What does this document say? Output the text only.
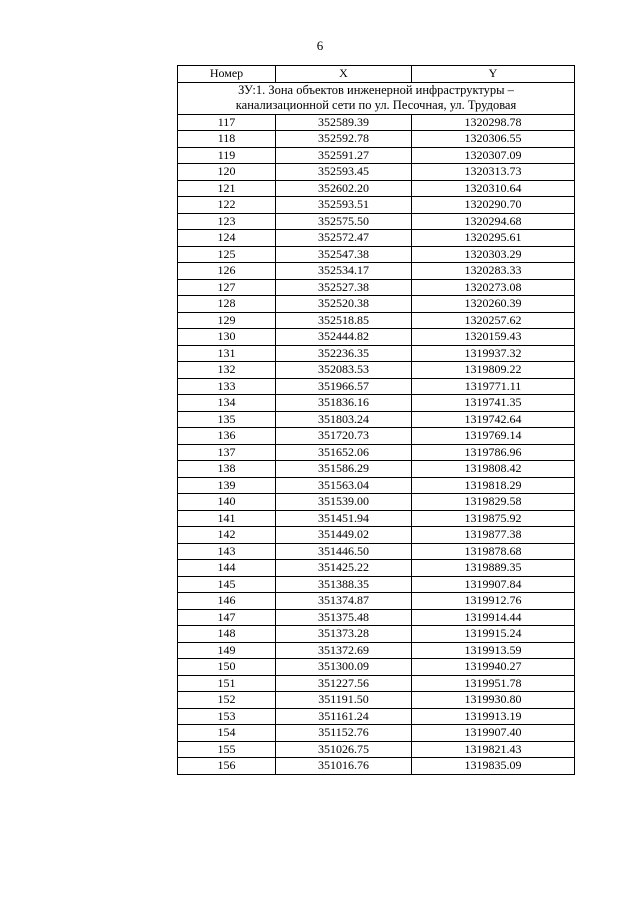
6
Номер	X	Y
ЗУ:1. Зона объектов инженерной инфраструктуры –
канализационной сети по ул. Песочная, ул. Трудовая		
117	352589.39	1320298.78
118	352592.78	1320306.55
119	352591.27	1320307.09
120	352593.45	1320313.73
121	352602.20	1320310.64
122	352593.51	1320290.70
123	352575.50	1320294.68
124	352572.47	1320295.61
125	352547.38	1320303.29
126	352534.17	1320283.33
127	352527.38	1320273.08
128	352520.38	1320260.39
129	352518.85	1320257.62
130	352444.82	1320159.43
131	352236.35	1319937.32
132	352083.53	1319809.22
133	351966.57	1319771.11
134	351836.16	1319741.35
135	351803.24	1319742.64
136	351720.73	1319769.14
137	351652.06	1319786.96
138	351586.29	1319808.42
139	351563.04	1319818.29
140	351539.00	1319829.58
141	351451.94	1319875.92
142	351449.02	1319877.38
143	351446.50	1319878.68
144	351425.22	1319889.35
145	351388.35	1319907.84
146	351374.87	1319912.76
147	351375.48	1319914.44
148	351373.28	1319915.24
149	351372.69	1319913.59
150	351300.09	1319940.27
151	351227.56	1319951.78
152	351191.50	1319930.80
153	351161.24	1319913.19
154	351152.76	1319907.40
155	351026.75	1319821.43
156	351016.76	1319835.09
